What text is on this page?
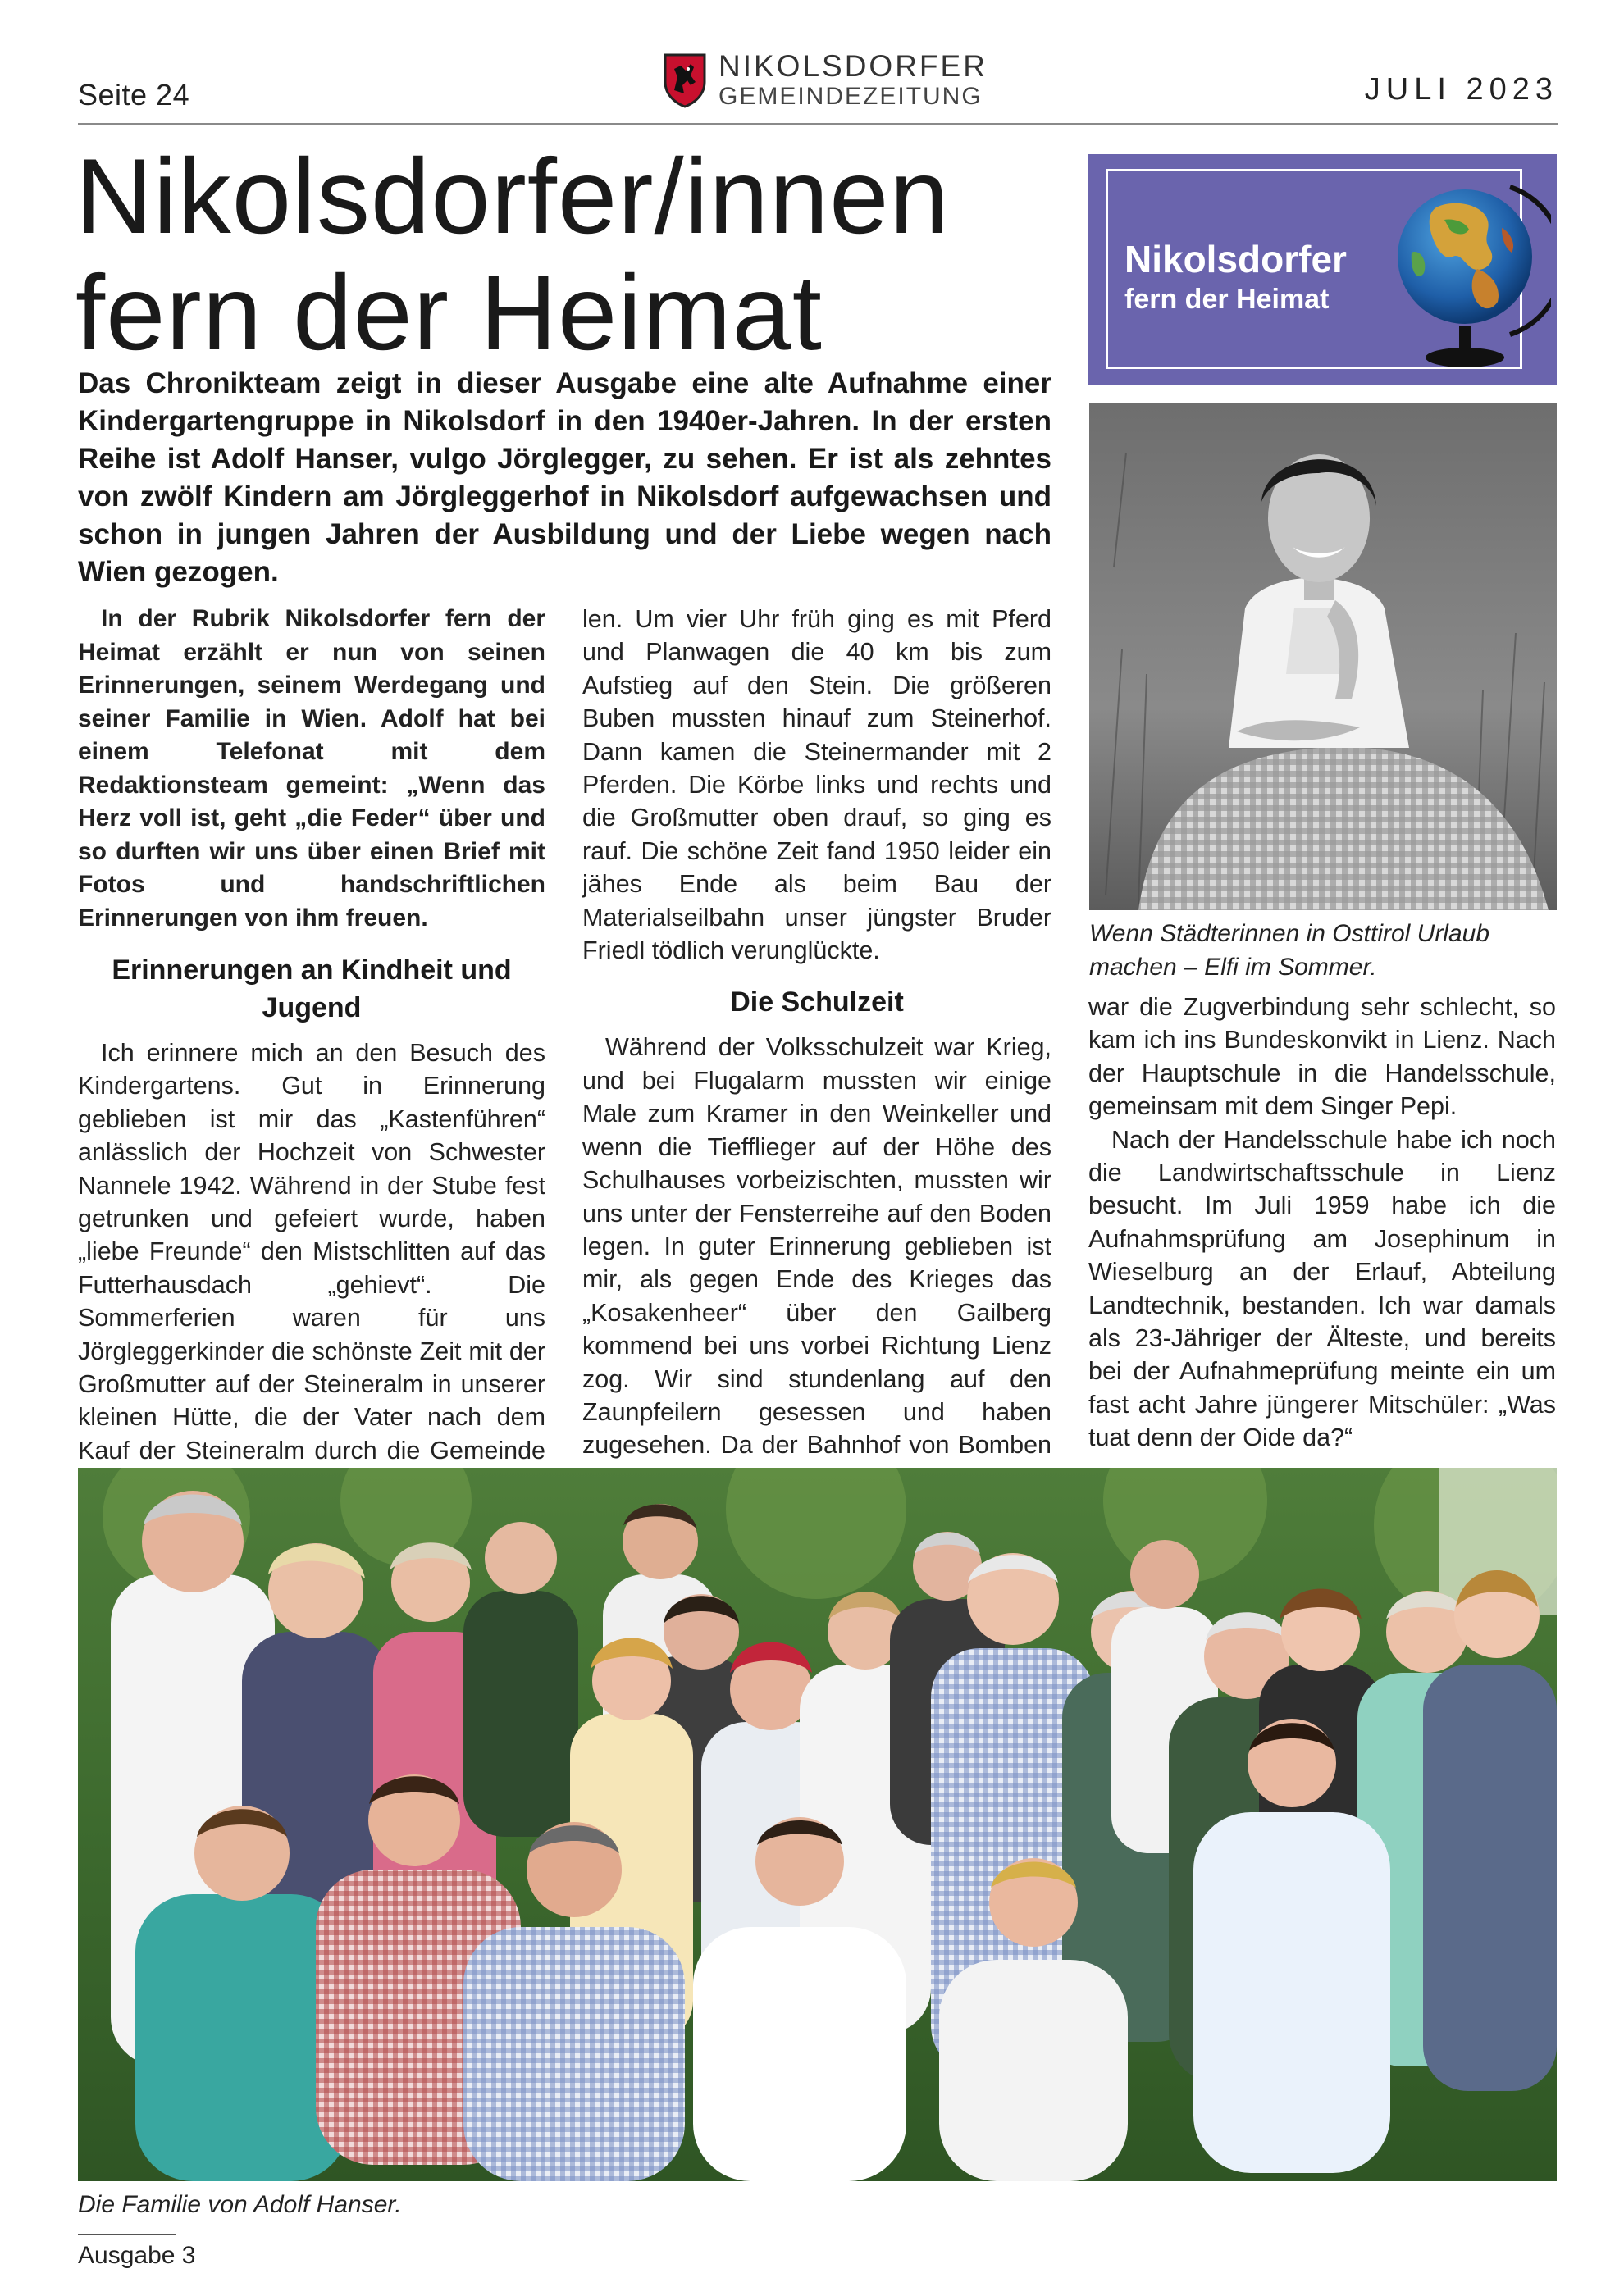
Seite 24
NIKOLSDORFER
GEMEINDEZEITUNG	JULI 2023
Nikolsdorfer/innen
fern der Heimat

Das Chronikteam zeigt in dieser Ausgabe eine alte Aufnahme einer Kindergartengruppe in Nikolsdorf in den 1940er-Jahren. In der ersten Reihe ist Adolf Hanser, vulgo Jörglegger, zu sehen. Er ist als zehntes von zwölf Kindern am Jörgleggerhof in Nikolsdorf aufgewachsen und schon in jungen Jahren der Ausbildung und der Liebe wegen nach Wien gezogen.

In der Rubrik Nikolsdorfer fern der Heimat erzählt er nun von seinen Erinnerungen, seinem Werdegang und seiner Familie in Wien. Adolf hat bei einem Telefonat mit dem Redaktionsteam gemeint: „Wenn das Herz voll ist, geht „die Feder“ über und so durften wir uns über einen Brief mit Fotos und handschriftlichen Erinnerungen von ihm freuen.

Erinnerungen an Kindheit und Jugend

Ich erinnere mich an den Besuch des Kindergartens. Gut in Erinnerung geblieben ist mir das „Kastenführen“ anlässlich der Hochzeit von Schwester Nannele 1942. Während in der Stube fest getrunken und gefeiert wurde, haben „liebe Freunde“ den Mistschlitten auf das Futterhausdach „gehievt“. Die Sommerferien waren für uns Jörgleggerkinder die schönste Zeit mit der Großmutter auf der Steineralm in unserer kleinen Hütte, die der Vater nach dem Kauf der Steineralm durch die Gemeinde

len. Um vier Uhr früh ging es mit Pferd und Planwagen die 40 km bis zum Aufstieg auf den Stein. Die größeren Buben mussten hinauf zum Steinerhof. Dann kamen die Steinermander mit 2 Pferden. Die Körbe links und rechts und die Großmutter oben drauf, so ging es rauf. Die schöne Zeit fand 1950 leider ein jähes Ende als beim Bau der Materialseilbahn unser jüngster Bruder Friedl tödlich verunglückte.

Die Schulzeit

Während der Volksschulzeit war Krieg, und bei Flugalarm mussten wir einige Male zum Kramer in den Weinkeller und wenn die Tiefflieger auf der Höhe des Schulhauses vorbeizischten, mussten wir uns unter der Fensterreihe auf den Boden legen. In guter Erinnerung geblieben ist mir, als gegen Ende des Krieges das „Kosakenheer“ über den Gailberg kommend bei uns vorbei Richtung Lienz zog. Wir sind stundenlang auf den Zaunpfeilern gesessen und haben zugesehen. Da der Bahnhof von Bomben

war die Zugverbindung sehr schlecht, so kam ich ins Bundeskonvikt in Lienz. Nach der Hauptschule in die Handelsschule, gemeinsam mit dem Singer Pepi.

Nach der Handelsschule habe ich noch die Landwirtschaftsschule in Lienz besucht. Im Juli 1959 habe ich die Aufnahmsprüfung am Josephinum in Wieselburg an der Erlauf, Abteilung Landtechnik, bestanden. Ich war damals als 23-Jähriger der Älteste, und bereits bei der Aufnahmeprüfung meinte ein um fast acht Jahre jüngerer Mitschüler: „Was tuat denn der Oide da?“

Nikolsdorfer
fern der Heimat

Wenn Städterinnen in Osttirol Urlaub machen – Elfi im Sommer.

Die Familie von Adolf Hanser.

Ausgabe 3
